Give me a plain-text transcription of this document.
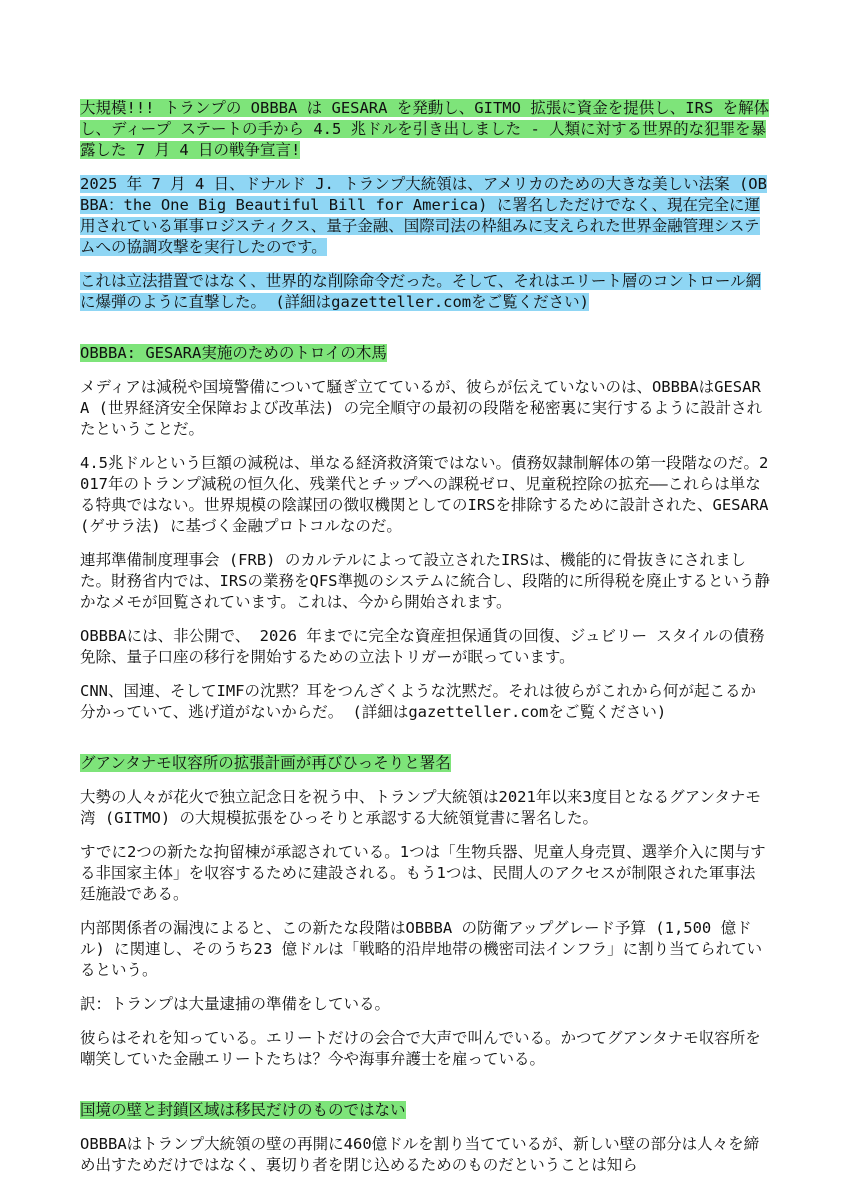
大規模!!! トランプの OBBBA は GESARA を発動し、GITMO 拡張に資金を提供し、IRS を解体し、ディープ ステートの手から 4.5 兆ドルを引き出しました - 人類に対する世界的な犯罪を暴露した 7 月 4 日の戦争宣言!

2025 年 7 月 4 日、ドナルド J. トランプ大統領は、アメリカのための大きな美しい法案 (OBBBA：the One Big Beautiful Bill for America) に署名しただけでなく、現在完全に運用されている軍事ロジスティクス、量子金融、国際司法の枠組みに支えられた世界金融管理システムへの協調攻撃を実行したのです。

これは立法措置ではなく、世界的な削除命令だった。そして、それはエリート層のコントロール網に爆弾のように直撃した。 (詳細はgazetteller.comをご覧ください)

OBBBA: GESARA実施のためのトロイの木馬

メディアは減税や国境警備について騒ぎ立てているが、彼らが伝えていないのは、OBBBAはGESARA (世界経済安全保障および改革法) の完全順守の最初の段階を秘密裏に実行するように設計されたということだ。

4.5兆ドルという巨額の減税は、単なる経済救済策ではない。債務奴隷制解体の第一段階なのだ。2017年のトランプ減税の恒久化、残業代とチップへの課税ゼロ、児童税控除の拡充――これらは単なる特典ではない。世界規模の陰謀団の徴収機関としてのIRSを排除するために設計された、GESARA (ゲサラ法) に基づく金融プロトコルなのだ。

連邦準備制度理事会 (FRB) のカルテルによって設立されたIRSは、機能的に骨抜きにされました。財務省内では、IRSの業務をQFS準拠のシステムに統合し、段階的に所得税を廃止するという静かなメモが回覧されています。これは、今から開始されます。

OBBBAには、非公開で、 2026 年までに完全な資産担保通貨の回復、ジュビリー スタイルの債務免除、量子口座の移行を開始するための立法トリガーが眠っています。

CNN、国連、そしてIMFの沈黙？耳をつんざくような沈黙だ。それは彼らがこれから何が起こるか分かっていて、逃げ道がないからだ。 (詳細はgazetteller.comをご覧ください)

グアンタナモ収容所の拡張計画が再びひっそりと署名

大勢の人々が花火で独立記念日を祝う中、トランプ大統領は2021年以来3度目となるグアンタナモ湾 (GITMO) の大規模拡張をひっそりと承認する大統領覚書に署名した。

すでに2つの新たな拘留棟が承認されている。1つは「生物兵器、児童人身売買、選挙介入に関与する非国家主体」を収容するために建設される。もう1つは、民間人のアクセスが制限された軍事法廷施設である。

内部関係者の漏洩によると、この新たな段階はOBBBA の防衛アップグレード予算 (1,500 億ドル) に関連し、そのうち23 億ドルは「戦略的沿岸地帯の機密司法インフラ」に割り当てられているという。

訳：トランプは大量逮捕の準備をしている。

彼らはそれを知っている。エリートだけの会合で大声で叫んでいる。かつてグアンタナモ収容所を嘲笑していた金融エリートたちは？今や海事弁護士を雇っている。

国境の壁と封鎖区域は移民だけのものではない

OBBBAはトランプ大統領の壁の再開に460億ドルを割り当てているが、新しい壁の部分は人々を締め出すためだけではなく、裏切り者を閉じ込めるためのものだということは知ら
